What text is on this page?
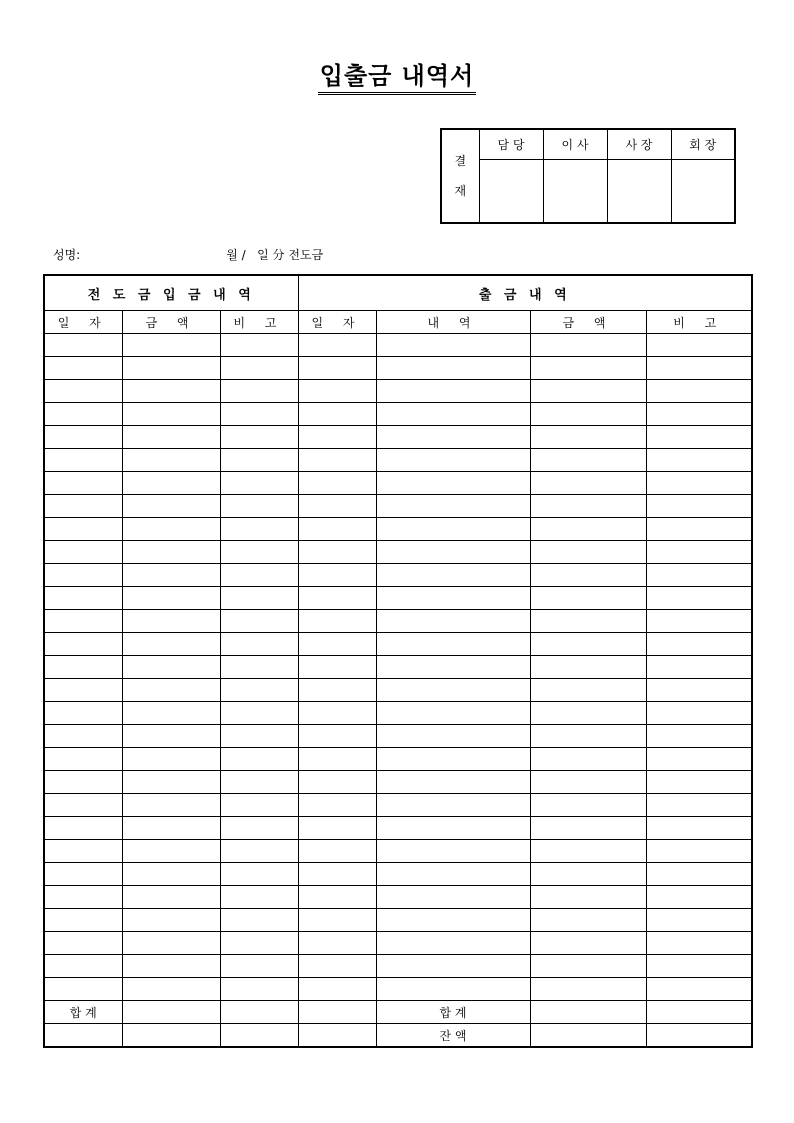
입출금 내역서
결
재	담 당	이 사	사 장	회 장

성명:	월 /   일 分 전도금
전 도 금 입 금 내 역			출 금 내 역			
일 자	금 액	비 고	일 자	내 역	금 액	비 고

합 계				합 계		
				잔 액		
